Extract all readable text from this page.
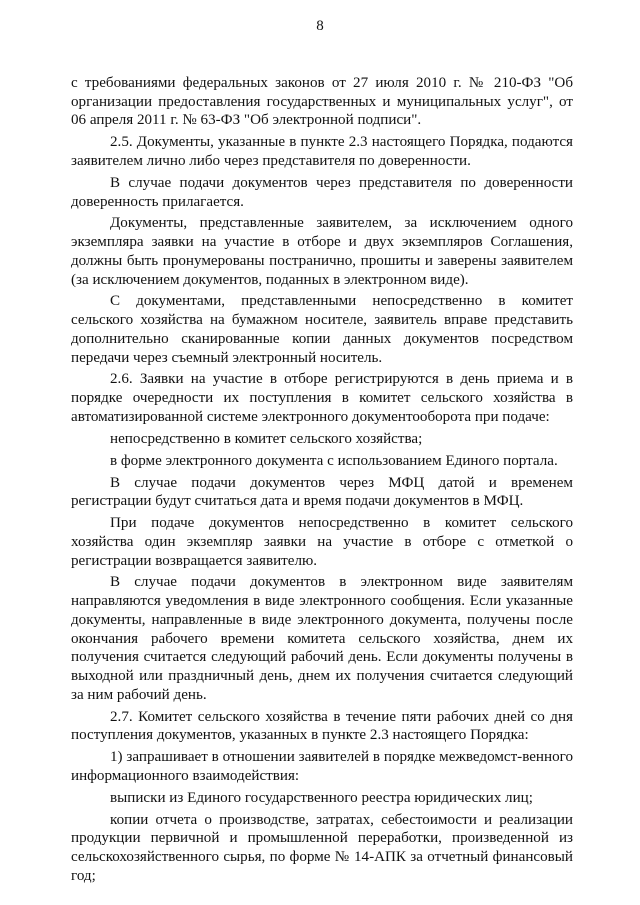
8

с требованиями федеральных законов от 27 июля 2010 г. № 210-ФЗ "Об организации предоставления государственных и муниципальных услуг", от 06 апреля 2011 г. № 63-ФЗ "Об электронной подписи".

2.5. Документы, указанные в пункте 2.3 настоящего Порядка, подаются заявителем лично либо через представителя по доверенности.

В случае подачи документов через представителя по доверенности доверенность прилагается.

Документы, представленные заявителем, за исключением одного экземпляра заявки на участие в отборе и двух экземпляров Соглашения, должны быть пронумерованы постранично, прошиты и заверены заявителем (за исключением документов, поданных в электронном виде).

С документами, представленными непосредственно в комитет сельского хозяйства на бумажном носителе, заявитель вправе представить дополнительно сканированные копии данных документов посредством передачи через съемный электронный носитель.

2.6. Заявки на участие в отборе регистрируются в день приема и в порядке очередности их поступления в комитет сельского хозяйства в автоматизированной системе электронного документооборота при подаче:

непосредственно в комитет сельского хозяйства;

в форме электронного документа с использованием Единого портала.

В случае подачи документов через МФЦ датой и временем регистрации будут считаться дата и время подачи документов в МФЦ.

При подаче документов непосредственно в комитет сельского хозяйства один экземпляр заявки на участие в отборе с отметкой о регистрации возвращается заявителю.

В случае подачи документов в электронном виде заявителям направляются уведомления в виде электронного сообщения. Если указанные документы, направленные в виде электронного документа, получены после окончания рабочего времени комитета сельского хозяйства, днем их получения считается следующий рабочий день. Если документы получены в выходной или праздничный день, днем их получения считается следующий за ним рабочий день.

2.7. Комитет сельского хозяйства в течение пяти рабочих дней со дня поступления документов, указанных в пункте 2.3 настоящего Порядка:

1) запрашивает в отношении заявителей в порядке межведомст-венного информационного взаимодействия:

выписки из Единого государственного реестра юридических лиц;

копии отчета о производстве, затратах, себестоимости и реализации продукции первичной и промышленной переработки, произведенной из сельскохозяйственного сырья, по форме № 14-АПК за отчетный финансовый год;
